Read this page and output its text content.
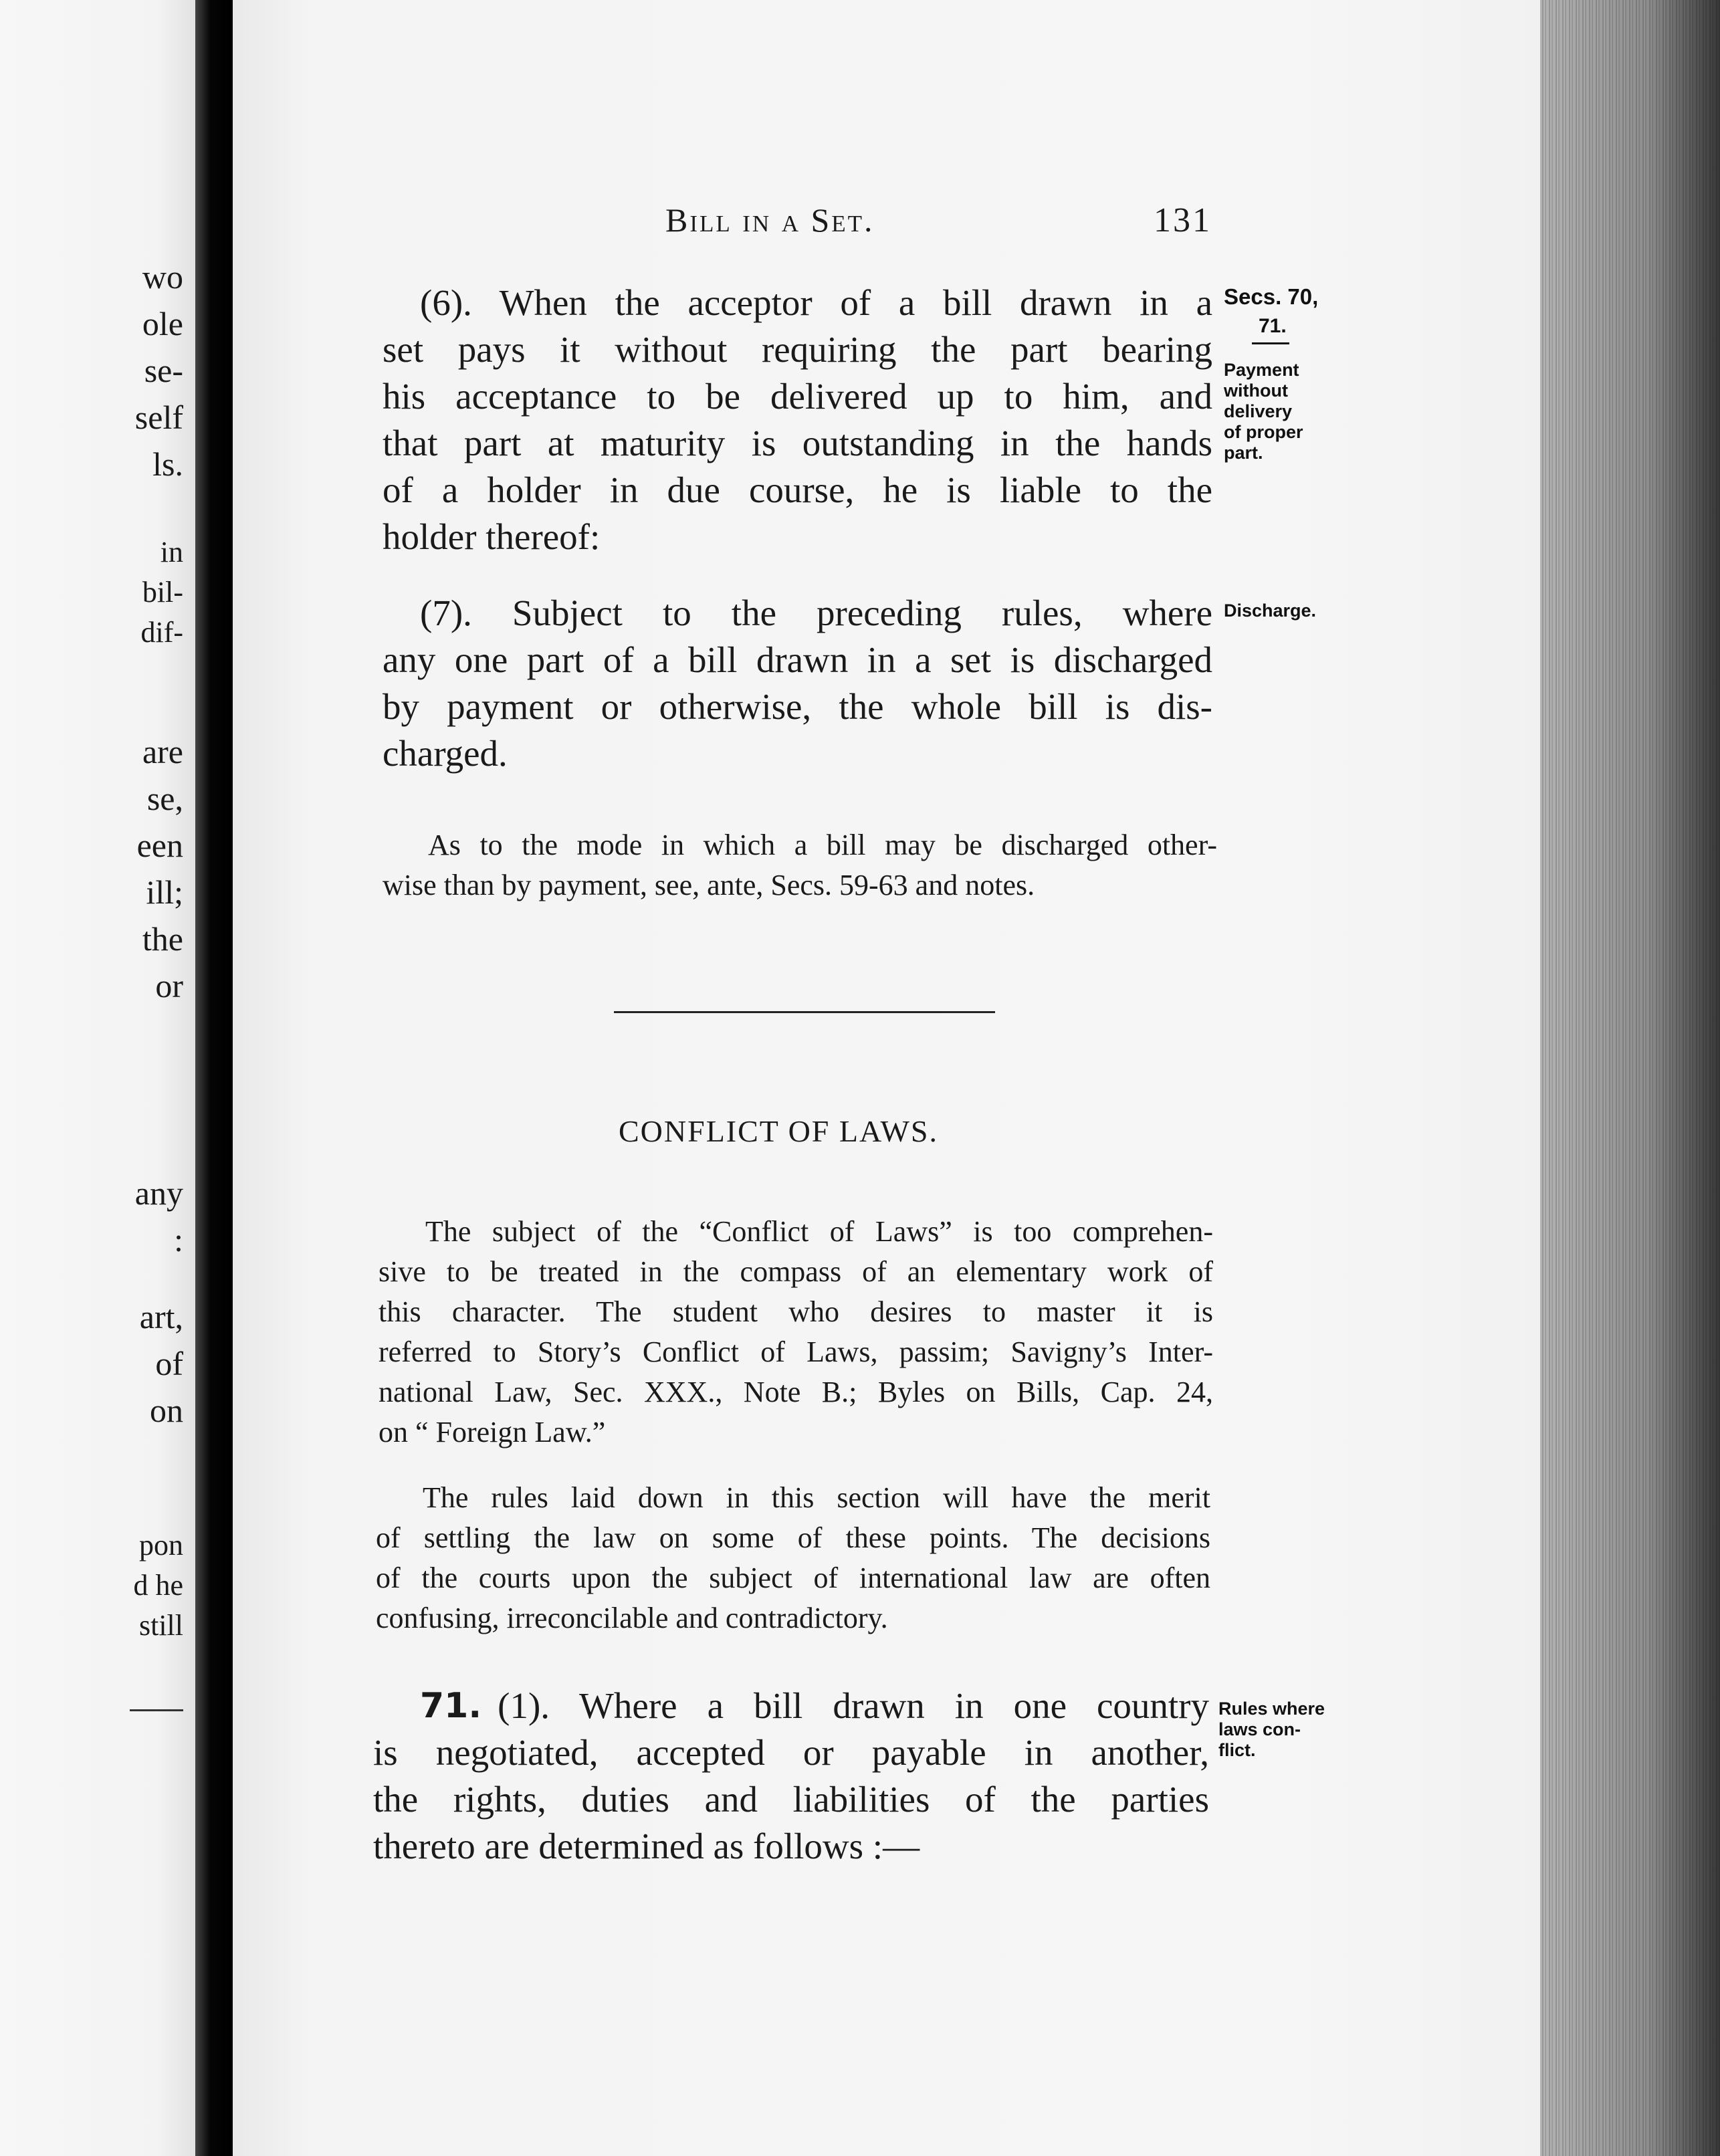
wo
ole
se-
self
ls.
in
bil-
dif-
are
se,
een
ill;
the
or
any
:
art,
of
on
pon
d he
still
Bill in a Set.	131
(6). When the acceptor of a bill drawn in a
set pays it without requiring the part bearing
his acceptance to be delivered up to him, and
that part at maturity is outstanding in the hands
of a holder in due course, he is liable to the
holder thereof:
Secs. 70,
71.
Payment
without
delivery
of proper
part.
(7). Subject to the preceding rules, where
any one part of a bill drawn in a set is discharged
by payment or otherwise, the whole bill is dis-
charged.
Discharge.
As to the mode in which a bill may be discharged other-
wise than by payment, see, ante, Secs. 59-63 and notes.
CONFLICT OF LAWS.
The subject of the “Conflict of Laws” is too comprehen-
sive to be treated in the compass of an elementary work of
this character. The student who desires to master it is
referred to Story’s Conflict of Laws, passim; Savigny’s Inter-
national Law, Sec. XXX., Note B.; Byles on Bills, Cap. 24,
on “ Foreign Law.”
The rules laid down in this section will have the merit
of settling the law on some of these points. The decisions
of the courts upon the subject of international law are often
confusing, irreconcilable and contradictory.
71. (1). Where a bill drawn in one country
is negotiated, accepted or payable in another,
the rights, duties and liabilities of the parties
thereto are determined as follows :—
Rules where
laws con-
flict.
